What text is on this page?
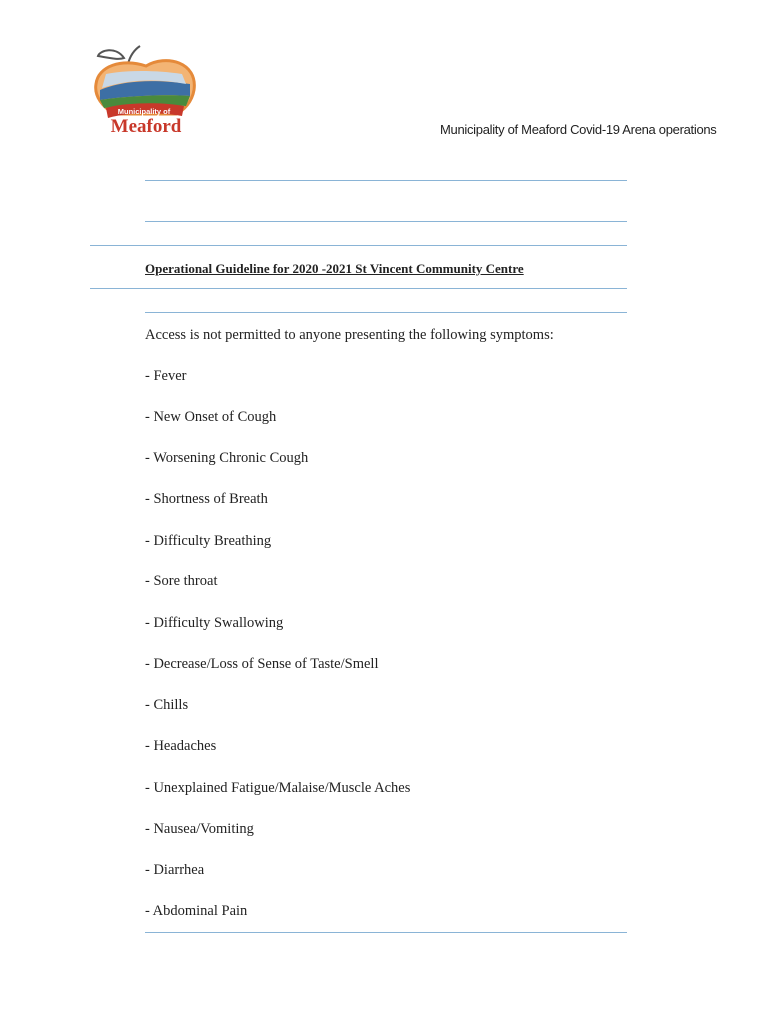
Municipality of
Meaford	Municipality of Meaford Covid-19 Arena operations
Operational Guideline for 2020 -2021 St Vincent Community Centre
Access is not permitted to anyone presenting the following symptoms:
- Fever
- New Onset of Cough
- Worsening Chronic Cough
- Shortness of Breath
- Difficulty Breathing
- Sore throat
- Difficulty Swallowing
- Decrease/Loss of Sense of Taste/Smell
- Chills
- Headaches
- Unexplained Fatigue/Malaise/Muscle Aches
- Nausea/Vomiting
- Diarrhea
- Abdominal Pain
